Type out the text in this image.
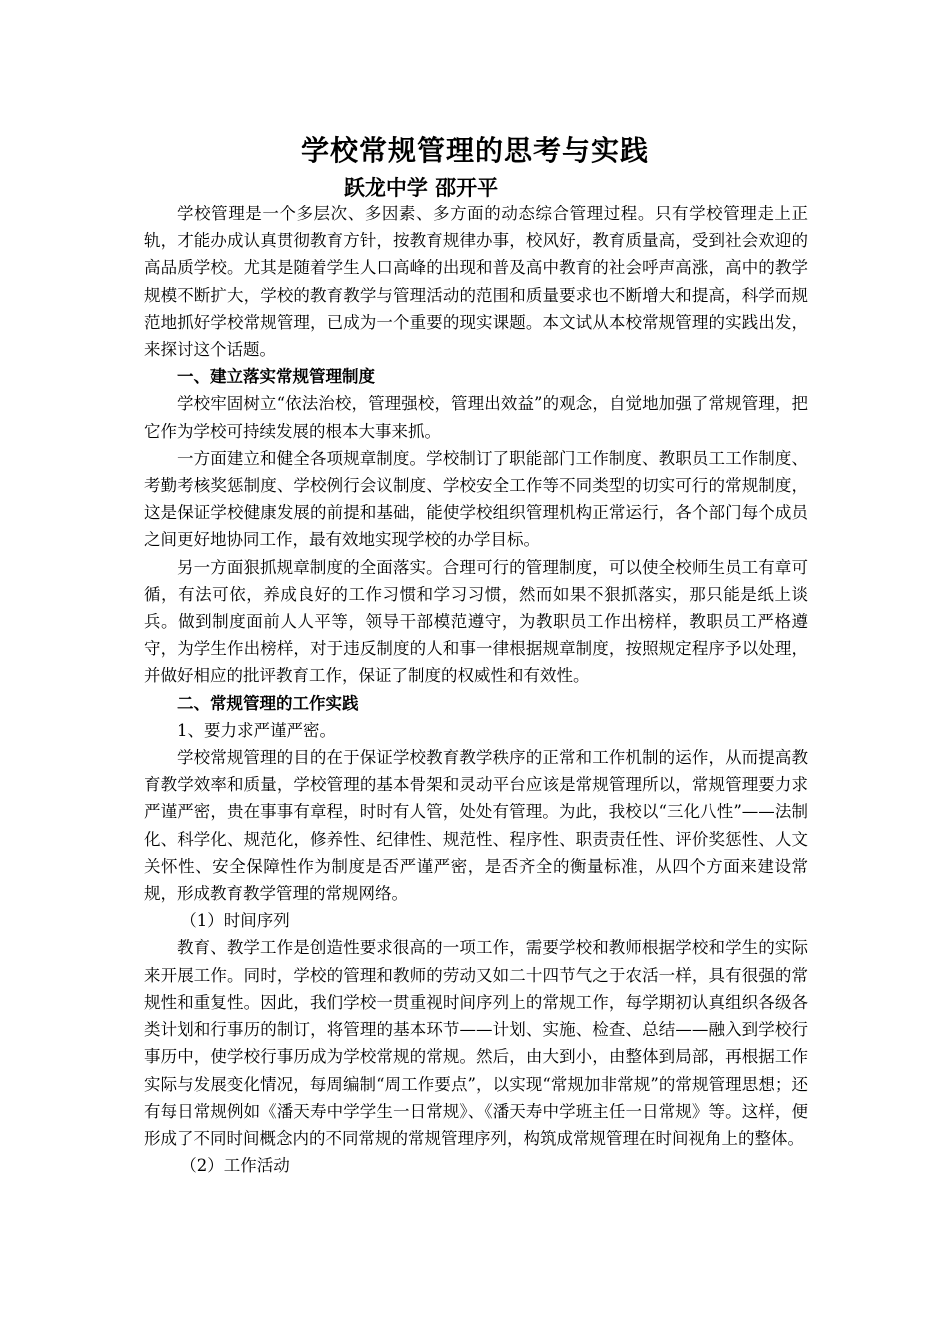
学校常规管理的思考与实践
跃龙中学 邵开平

学校管理是一个多层次、多因素、多方面的动态综合管理过程。只有学校管理走上正轨，才能办成认真贯彻教育方针，按教育规律办事，校风好，教育质量高，受到社会欢迎的高品质学校。尤其是随着学生人口高峰的出现和普及高中教育的社会呼声高涨，高中的教学规模不断扩大，学校的教育教学与管理活动的范围和质量要求也不断增大和提高，科学而规范地抓好学校常规管理，已成为一个重要的现实课题。本文试从本校常规管理的实践出发，来探讨这个话题。

一、建立落实常规管理制度

学校牢固树立“依法治校，管理强校，管理出效益”的观念，自觉地加强了常规管理，把它作为学校可持续发展的根本大事来抓。

一方面建立和健全各项规章制度。学校制订了职能部门工作制度、教职员工工作制度、考勤考核奖惩制度、学校例行会议制度、学校安全工作等不同类型的切实可行的常规制度，这是保证学校健康发展的前提和基础，能使学校组织管理机构正常运行，各个部门每个成员之间更好地协同工作，最有效地实现学校的办学目标。

另一方面狠抓规章制度的全面落实。合理可行的管理制度，可以使全校师生员工有章可循，有法可依，养成良好的工作习惯和学习习惯，然而如果不狠抓落实，那只能是纸上谈兵。做到制度面前人人平等，领导干部模范遵守，为教职员工作出榜样，教职员工严格遵守，为学生作出榜样，对于违反制度的人和事一律根据规章制度，按照规定程序予以处理，并做好相应的批评教育工作，保证了制度的权威性和有效性。

二、常规管理的工作实践

1、要力求严谨严密。

学校常规管理的目的在于保证学校教育教学秩序的正常和工作机制的运作，从而提高教育教学效率和质量，学校管理的基本骨架和灵动平台应该是常规管理所以，常规管理要力求严谨严密，贵在事事有章程，时时有人管，处处有管理。为此，我校以“三化八性”——法制化、科学化、规范化，修养性、纪律性、规范性、程序性、职责责任性、评价奖惩性、人文关怀性、安全保障性作为制度是否严谨严密，是否齐全的衡量标准，从四个方面来建设常规，形成教育教学管理的常规网络。

（1）时间序列

教育、教学工作是创造性要求很高的一项工作，需要学校和教师根据学校和学生的实际来开展工作。同时，学校的管理和教师的劳动又如二十四节气之于农活一样，具有很强的常规性和重复性。因此，我们学校一贯重视时间序列上的常规工作，每学期初认真组织各级各类计划和行事历的制订，将管理的基本环节——计划、实施、检查、总结——融入到学校行事历中，使学校行事历成为学校常规的常规。然后，由大到小，由整体到局部，再根据工作实际与发展变化情况，每周编制“周工作要点”，以实现“常规加非常规”的常规管理思想；还有每日常规例如《潘天寿中学学生一日常规》、《潘天寿中学班主任一日常规》等。这样，便形成了不同时间概念内的不同常规的常规管理序列，构筑成常规管理在时间视角上的整体。

（2）工作活动
